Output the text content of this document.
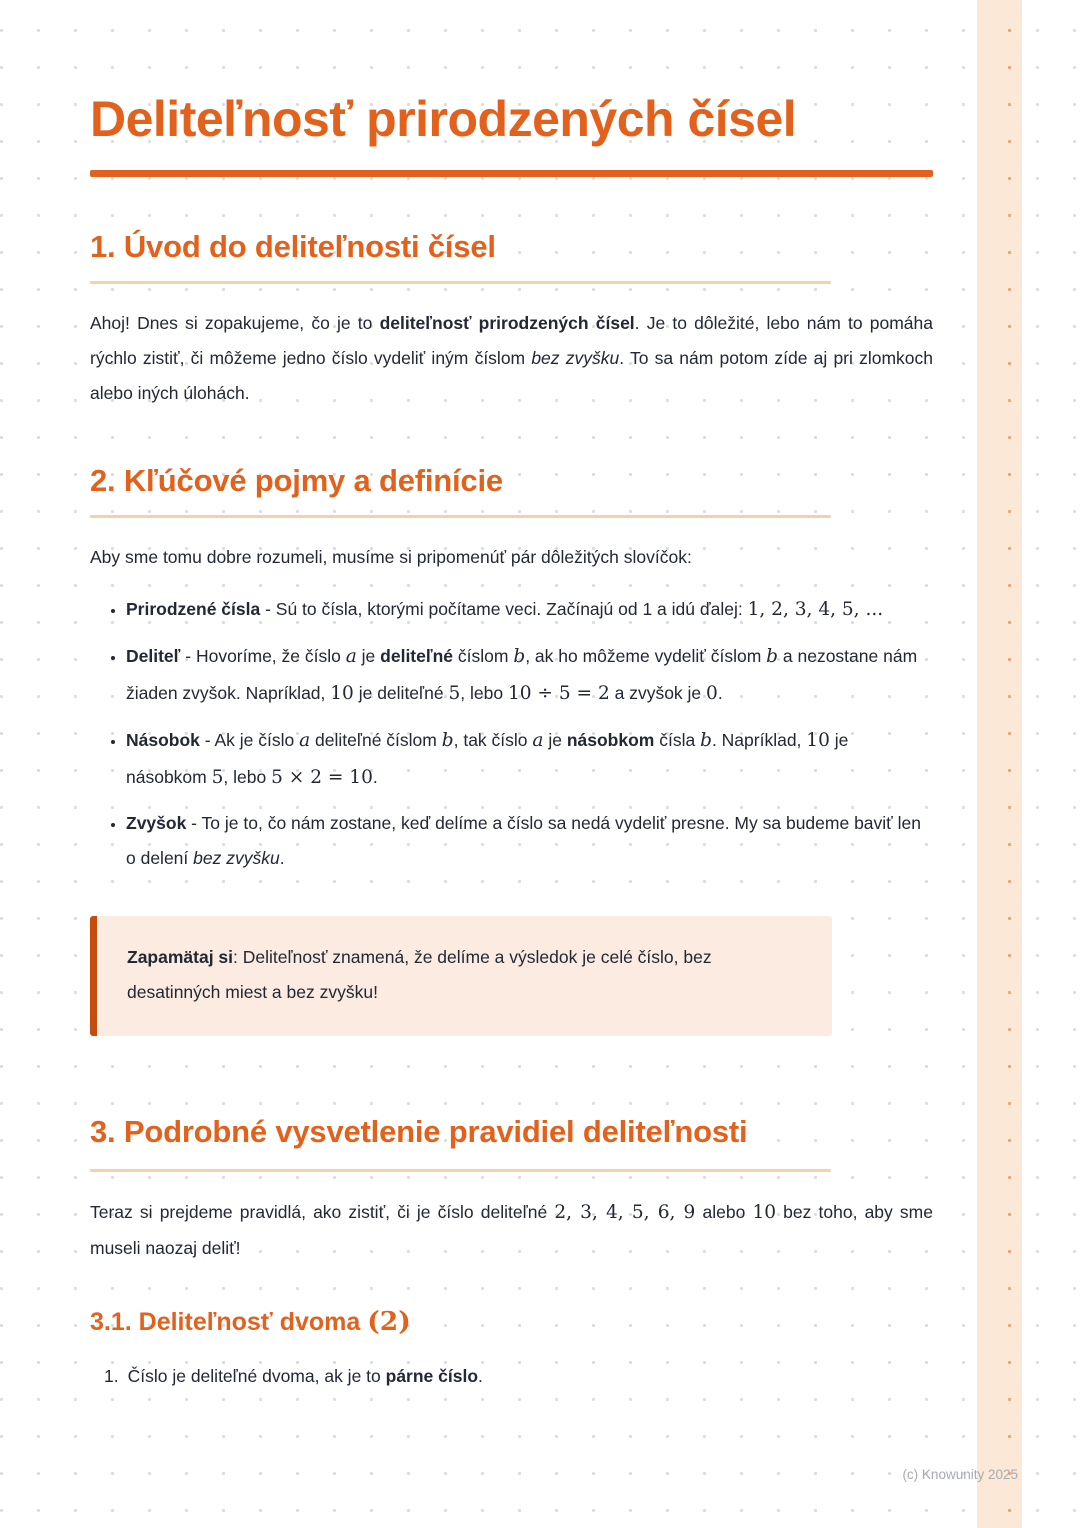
Deliteľnosť prirodzených čísel
1. Úvod do deliteľnosti čísel

Ahoj! Dnes si zopakujeme, čo je to deliteľnosť prirodzených čísel. Je to dôležité, lebo nám to pomáha rýchlo zistiť, či môžeme jedno číslo vydeliť iným číslom bez zvyšku. To sa nám potom zíde aj pri zlomkoch alebo iných úlohách.

2. Kľúčové pojmy a definície

Aby sme tomu dobre rozumeli, musíme si pripomenúť pár dôležitých slovíčok:

• Prirodzené čísla - Sú to čísla, ktorými počítame veci. Začínajú od 1 a idú ďalej: 1, 2, 3, 4, 5, ...
• Deliteľ - Hovoríme, že číslo a je deliteľné číslom b, ak ho môžeme vydeliť číslom b a nezostane nám žiaden zvyšok. Napríklad, 10 je deliteľné 5, lebo 10 ÷ 5 = 2 a zvyšok je 0.
• Násobok - Ak je číslo a deliteľné číslom b, tak číslo a je násobkom čísla b. Napríklad, 10 je násobkom 5, lebo 5 × 2 = 10.
• Zvyšok - To je to, čo nám zostane, keď delíme a číslo sa nedá vydeliť presne. My sa budeme baviť len o delení bez zvyšku.

Zapamätaj si: Deliteľnosť znamená, že delíme a výsledok je celé číslo, bez desatinných miest a bez zvyšku!

3. Podrobné vysvetlenie pravidiel deliteľnosti

Teraz si prejdeme pravidlá, ako zistiť, či je číslo deliteľné 2, 3, 4, 5, 6, 9 alebo 10 bez toho, aby sme museli naozaj deliť!

3.1. Deliteľnosť dvoma (2)
1. Číslo je deliteľné dvoma, ak je to párne číslo.
(c) Knowunity 2025
